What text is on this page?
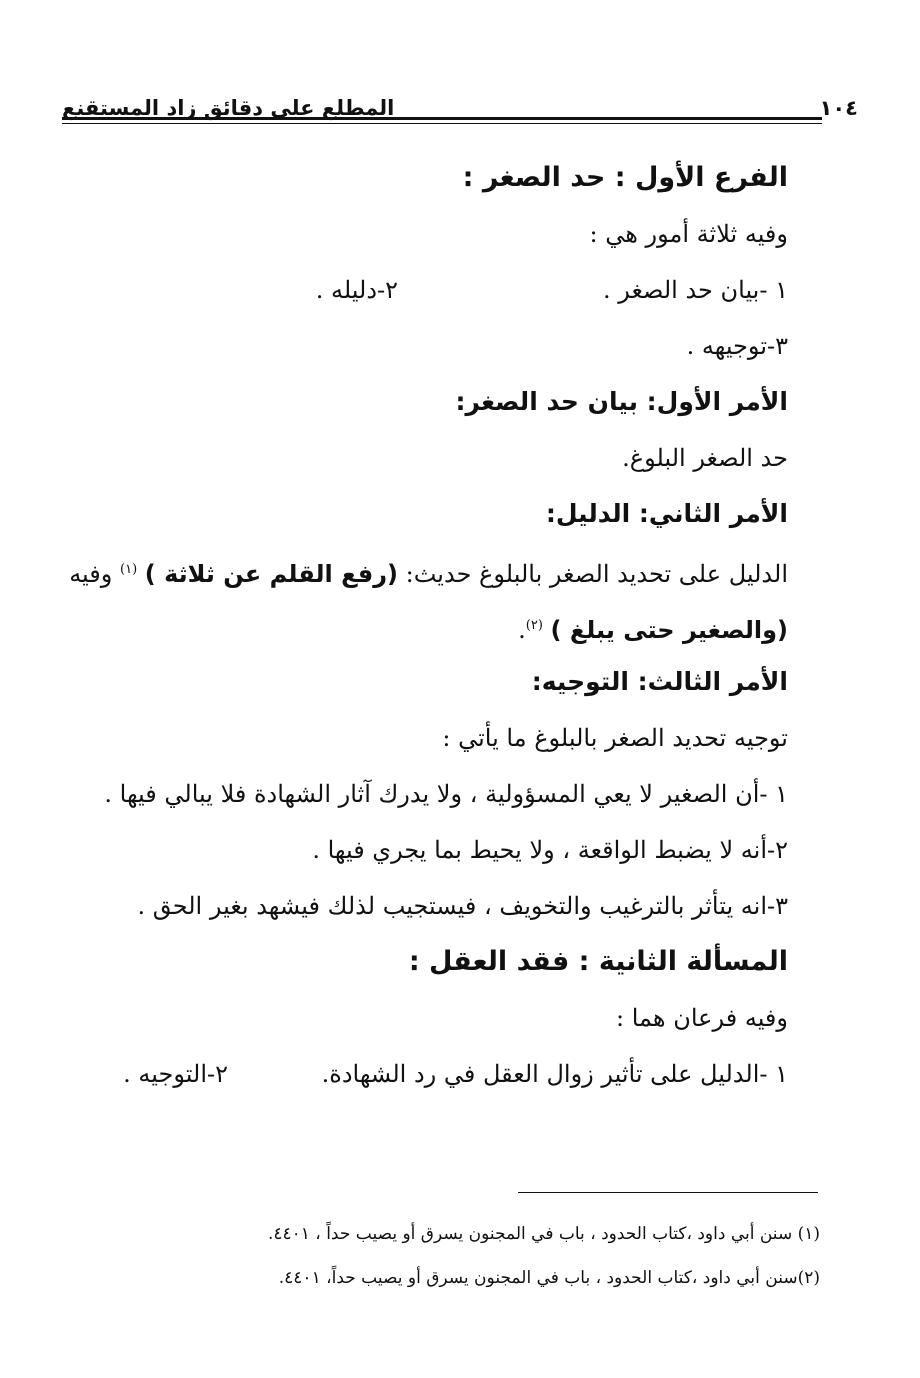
١٠٤
المطلع على دقائق زاد المستقنع
الفرع الأول : حد الصغر :
وفيه ثلاثة أمور هي :
١ -بيان حد الصغر .
٢-دليله .
٣-توجيهه .
الأمر الأول: بيان حد الصغر:
حد الصغر البلوغ.
الأمر الثاني: الدليل:
الدليل على تحديد الصغر بالبلوغ حديث: (رفع القلم عن ثلاثة ) $^{(١)}$ وفيه
(والصغير حتى يبلغ ) $^{(٢)}$.
الأمر الثالث: التوجيه:
توجيه تحديد الصغر بالبلوغ ما يأتي :
١ -أن الصغير لا يعي المسؤولية ، ولا يدرك آثار الشهادة فلا يبالي فيها .
٢-أنه لا يضبط الواقعة ، ولا يحيط بما يجري فيها .
٣-انه يتأثر بالترغيب والتخويف ، فيستجيب لذلك فيشهد بغير الحق .
المسألة الثانية : فقد العقل :
وفيه فرعان هما :
١ -الدليل على تأثير زوال العقل في رد الشهادة.
٢-التوجيه .
(١) سنن أبي داود ،كتاب الحدود ، باب في المجنون يسرق أو يصيب حداً ، ٤٤٠١.
(٢)سنن أبي داود ،كتاب الحدود ، باب في المجنون يسرق أو يصيب حداً، ٤٤٠١.
